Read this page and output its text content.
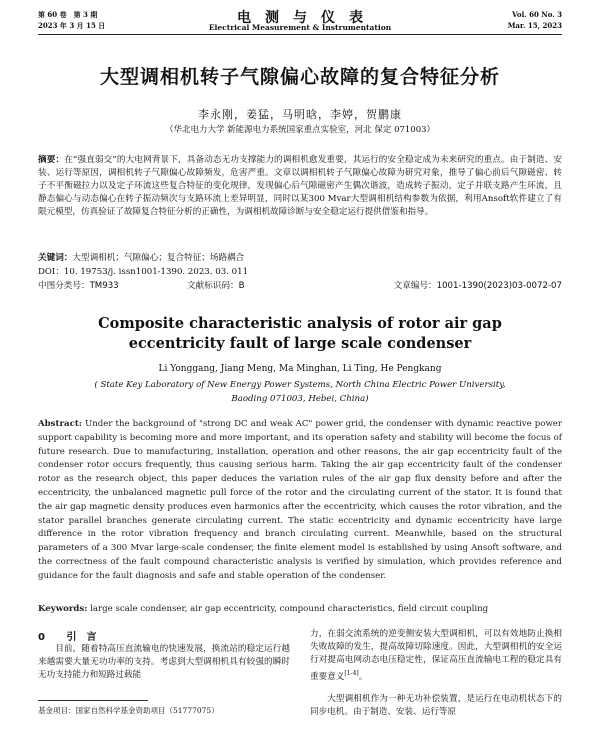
第 60 卷　第 3 期
2023 年 3 月 15 日	电　测　与　仪　表
Electrical Measurement & Instrumentation
Vol. 60 No. 3
Mar. 15, 2023
大型调相机转子气隙偏心故障的复合特征分析
李永刚，姜猛，马明晗，李婷，贺鹏康
（华北电力大学 新能源电力系统国家重点实验室，河北 保定 071003）
摘要：在“强直弱交”的大电网背景下，具备动态无功支撑能力的调相机愈发重要，其运行的安全稳定成为未来研究的重点。由于制造、安装、运行等原因，调相机转子气隙偏心故障频发，危害严重。文章以调相机转子气隙偏心故障为研究对象，推导了偏心前后气隙磁密、转子不平衡磁拉力以及定子环流这些复合特征的变化规律，发现偏心后气隙磁密产生偶次谐波，造成转子振动，定子并联支路产生环流，且静态偏心与动态偏心在转子振动频次与支路环流上差异明显，同时以某300 Mvar大型调相机结构参数为依据，利用Ansoft软件建立了有限元模型，仿真验证了故障复合特征分析的正确性，为调相机故障诊断与安全稳定运行提供借鉴和指导。
关键词：大型调相机；气隙偏心；复合特征；场路耦合
DOI：10. 19753/j. issn1001-1390. 2023. 03. 011
中图分类号：TM933	文献标识码：B	文章编号：1001-1390(2023)03-0072-07
Composite characteristic analysis of rotor air gap eccentricity fault of large scale condenser
Li Yonggang, Jiang Meng, Ma Minghan, Li Ting, He Pengkang
( State Key Laboratory of New Energy Power Systems, North China Electric Power University, Baoding 071003, Hebei, China)
Abstract: Under the background of "strong DC and weak AC" power grid, the condenser with dynamic reactive power support capability is becoming more and more important, and its operation safety and stability will become the focus of future research. Due to manufacturing, installation, operation and other reasons, the air gap eccentricity fault of the condenser rotor occurs frequently, thus causing serious harm. Taking the air gap eccentricity fault of the condenser rotor as the research object, this paper deduces the variation rules of the air gap flux density before and after the eccentricity, the unbalanced magnetic pull force of the rotor and the circulating current of the stator. It is found that the air gap magnetic density produces even harmonics after the eccentricity, which causes the rotor vibration, and the stator parallel branches generate circulating current. The static eccentricity and dynamic eccentricity have large difference in the rotor vibration frequency and branch circulating current. Meanwhile, based on the structural parameters of a 300 Mvar large-scale condenser, the finite element model is established by using Ansoft software, and the correctness of the fault compound characteristic analysis is verified by simulation, which provides reference and guidance for the fault diagnosis and safe and stable operation of the condenser.
Keywords: large scale condenser, air gap eccentricity, compound characteristics, field circuit coupling
0 引　言
目前，随着特高压直流输电的快速发展，换流站的稳定运行越来越需要大量无功功率的支持。考虑到大型调相机具有较强的瞬时无功支持能力和短路过载能
基金项目：国家自然科学基金资助项目（51777075）
力，在弱交流系统的逆变侧安装大型调相机，可以有效地防止换相失败故障的发生，提高故障切除速度。因此，大型调相机的安全运行对提高电网动态电压稳定性，保证高压直流输电工程的稳定具有重要意义[1-4]。
大型调相机作为一种无功补偿装置，是运行在电动机状态下的同步电机。由于制造、安装、运行等原
